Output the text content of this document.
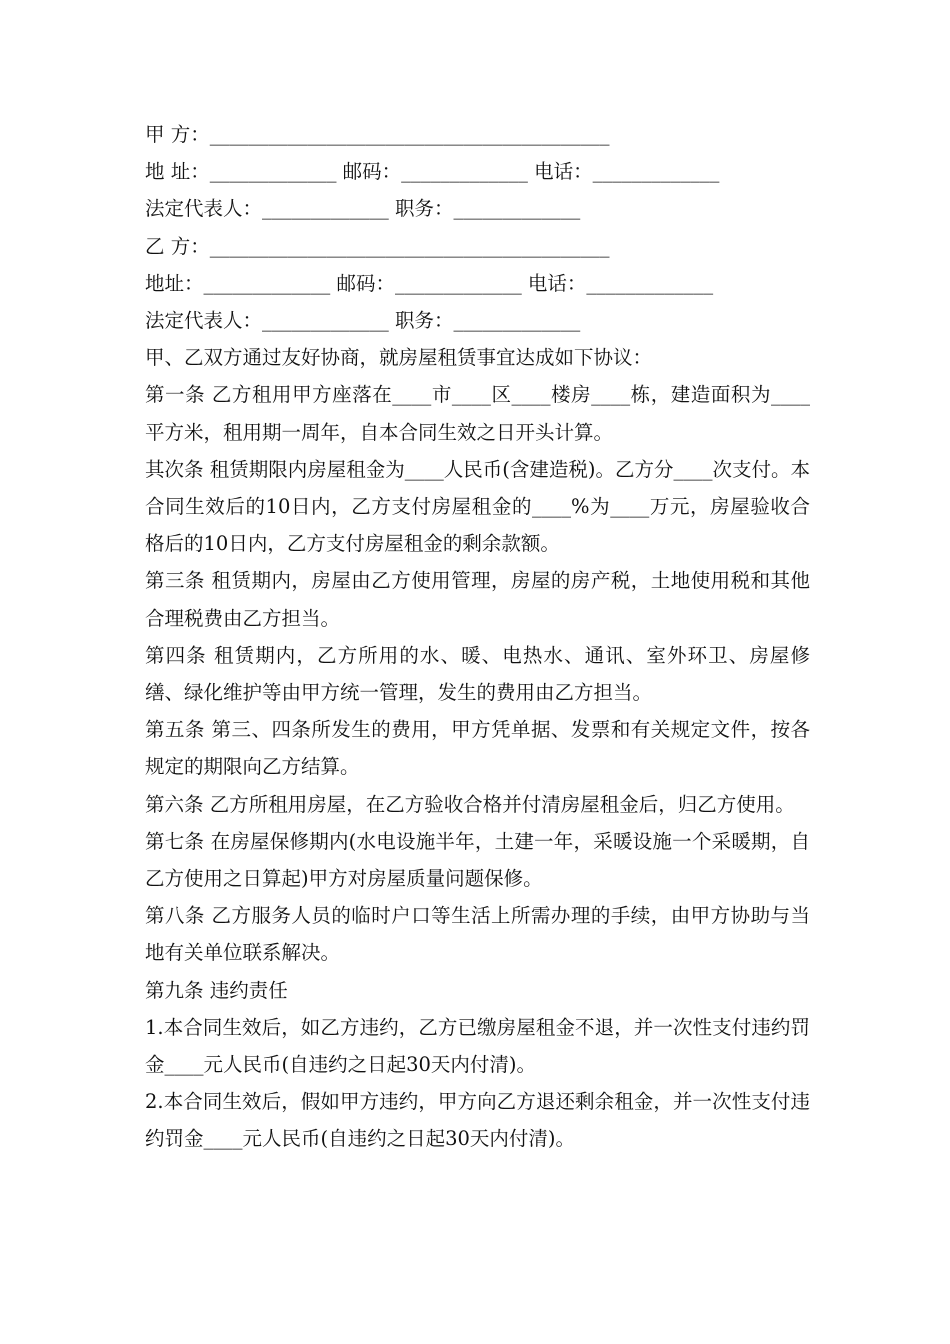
甲 方：_________________________________________
地 址：_____________ 邮码：_____________ 电话：_____________
法定代表人：_____________ 职务：_____________
乙 方：_________________________________________
地址：_____________ 邮码：_____________ 电话：_____________
法定代表人：_____________ 职务：_____________
甲、乙双方通过友好协商，就房屋租赁事宜达成如下协议：
第一条 乙方租用甲方座落在____市____区____楼房____栋，建造面积为____平方米，租用期一周年，自本合同生效之日开头计算。
其次条 租赁期限内房屋租金为____人民币(含建造税)。乙方分____次支付。本合同生效后的10日内，乙方支付房屋租金的____%为____万元，房屋验收合格后的10日内，乙方支付房屋租金的剩余款额。
第三条 租赁期内，房屋由乙方使用管理，房屋的房产税，土地使用税和其他合理税费由乙方担当。
第四条 租赁期内，乙方所用的水、暖、电热水、通讯、室外环卫、房屋修缮、绿化维护等由甲方统一管理，发生的费用由乙方担当。
第五条 第三、四条所发生的费用，甲方凭单据、发票和有关规定文件，按各规定的期限向乙方结算。
第六条 乙方所租用房屋，在乙方验收合格并付清房屋租金后，归乙方使用。
第七条 在房屋保修期内(水电设施半年，土建一年，采暖设施一个采暖期，自乙方使用之日算起)甲方对房屋质量问题保修。
第八条 乙方服务人员的临时户口等生活上所需办理的手续，由甲方协助与当地有关单位联系解决。
第九条 违约责任
1.本合同生效后，如乙方违约，乙方已缴房屋租金不退，并一次性支付违约罚金____元人民币(自违约之日起30天内付清)。
2.本合同生效后，假如甲方违约，甲方向乙方退还剩余租金，并一次性支付违约罚金____元人民币(自违约之日起30天内付清)。
